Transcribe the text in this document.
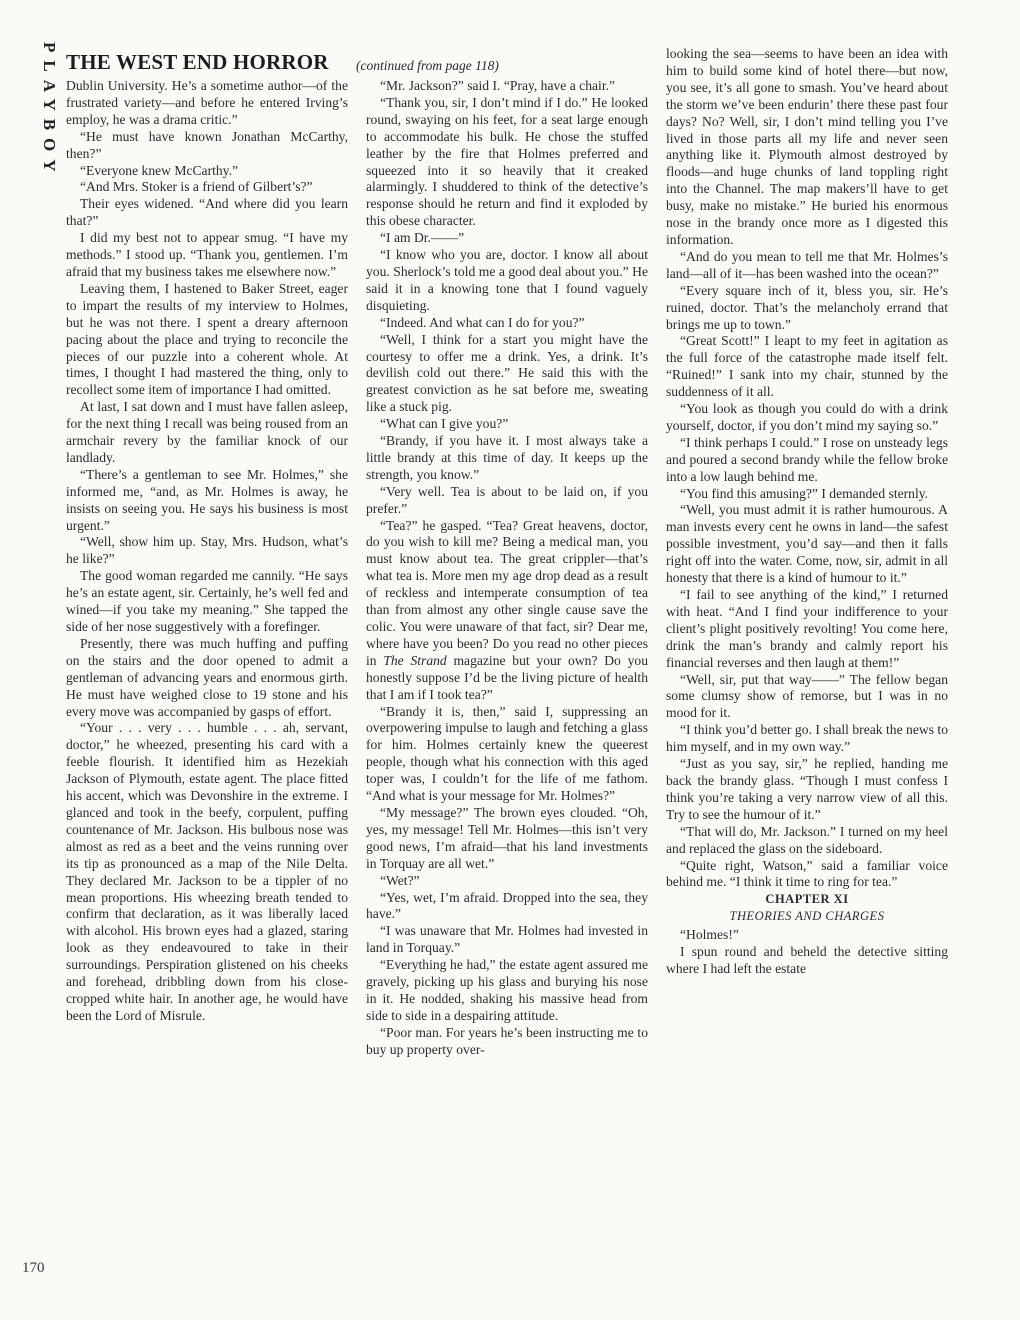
PLAYBOY THE WEST END HORROR (continued from page 118)

Dublin University. He’s a sometime author—of the frustrated variety—and before he entered Irving’s employ, he was a drama critic.”

“He must have known Jonathan McCarthy, then?”

“Everyone knew McCarthy.”

“And Mrs. Stoker is a friend of Gilbert’s?”

Their eyes widened. “And where did you learn that?”

I did my best not to appear smug. “I have my methods.” I stood up. “Thank you, gentlemen. I’m afraid that my business takes me elsewhere now.”

Leaving them, I hastened to Baker Street, eager to impart the results of my interview to Holmes, but he was not there. I spent a dreary afternoon pacing about the place and trying to reconcile the pieces of our puzzle into a coherent whole. At times, I thought I had mastered the thing, only to recollect some item of importance I had omitted.

At last, I sat down and I must have fallen asleep, for the next thing I recall was being roused from an armchair revery by the familiar knock of our landlady.

“There’s a gentleman to see Mr. Holmes,” she informed me, “and, as Mr. Holmes is away, he insists on seeing you. He says his business is most urgent.”

“Well, show him up. Stay, Mrs. Hudson, what’s he like?”

The good woman regarded me cannily. “He says he’s an estate agent, sir. Certainly, he’s well fed and wined—if you take my meaning.” She tapped the side of her nose suggestively with a forefinger.

Presently, there was much huffing and puffing on the stairs and the door opened to admit a gentleman of advancing years and enormous girth. He must have weighed close to 19 stone and his every move was accompanied by gasps of effort.

“Your . . . very . . . humble . . . ah, servant, doctor,” he wheezed, presenting his card with a feeble flourish. It identified him as Hezekiah Jackson of Plymouth, estate agent. The place fitted his accent, which was Devonshire in the extreme. I glanced and took in the beefy, corpulent, puffing countenance of Mr. Jackson. His bulbous nose was almost as red as a beet and the veins running over its tip as pronounced as a map of the Nile Delta. They declared Mr. Jackson to be a tippler of no mean proportions. His wheezing breath tended to confirm that declaration, as it was liberally laced with alcohol. His brown eyes had a glazed, staring look as they endeavoured to take in their surroundings. Perspiration glistened on his cheeks and forehead, dribbling down from his close-cropped white hair. In another age, he would have been the Lord of Misrule.

“Mr. Jackson?” said I. “Pray, have a chair.”

“Thank you, sir, I don’t mind if I do.” He looked round, swaying on his feet, for a seat large enough to accommodate his bulk. He chose the stuffed leather by the fire that Holmes preferred and squeezed into it so heavily that it creaked alarmingly. I shuddered to think of the detective’s response should he return and find it exploded by this obese character.

“I am Dr.——”

“I know who you are, doctor. I know all about you. Sherlock’s told me a good deal about you.” He said it in a knowing tone that I found vaguely disquieting.

“Indeed. And what can I do for you?”

“Well, I think for a start you might have the courtesy to offer me a drink. Yes, a drink. It’s devilish cold out there.” He said this with the greatest conviction as he sat before me, sweating like a stuck pig.

“What can I give you?”

“Brandy, if you have it. I most always take a little brandy at this time of day. It keeps up the strength, you know.”

“Very well. Tea is about to be laid on, if you prefer.”

“Tea?” he gasped. “Tea? Great heavens, doctor, do you wish to kill me? Being a medical man, you must know about tea. The great crippler—that’s what tea is. More men my age drop dead as a result of reckless and intemperate consumption of tea than from almost any other single cause save the colic. You were unaware of that fact, sir? Dear me, where have you been? Do you read no other pieces in The Strand magazine but your own? Do you honestly suppose I’d be the living picture of health that I am if I took tea?”

“Brandy it is, then,” said I, suppressing an overpowering impulse to laugh and fetching a glass for him. Holmes certainly knew the queerest people, though what his connection with this aged toper was, I couldn’t for the life of me fathom. “And what is your message for Mr. Holmes?”

“My message?” The brown eyes clouded. “Oh, yes, my message! Tell Mr. Holmes—this isn’t very good news, I’m afraid—that his land investments in Torquay are all wet.”

“Wet?”

“Yes, wet, I’m afraid. Dropped into the sea, they have.”

“I was unaware that Mr. Holmes had invested in land in Torquay.”

“Everything he had,” the estate agent assured me gravely, picking up his glass and burying his nose in it. He nodded, shaking his massive head from side to side in a despairing attitude.

“Poor man. For years he’s been instructing me to buy up property over-

looking the sea—seems to have been an idea with him to build some kind of hotel there—but now, you see, it’s all gone to smash. You’ve heard about the storm we’ve been endurin’ there these past four days? No? Well, sir, I don’t mind telling you I’ve lived in those parts all my life and never seen anything like it. Plymouth almost destroyed by floods—and huge chunks of land toppling right into the Channel. The map makers’ll have to get busy, make no mistake.” He buried his enormous nose in the brandy once more as I digested this information.

“And do you mean to tell me that Mr. Holmes’s land—all of it—has been washed into the ocean?”

“Every square inch of it, bless you, sir. He’s ruined, doctor. That’s the melancholy errand that brings me up to town.”

“Great Scott!” I leapt to my feet in agitation as the full force of the catastrophe made itself felt. “Ruined!” I sank into my chair, stunned by the suddenness of it all.

“You look as though you could do with a drink yourself, doctor, if you don’t mind my saying so.”

“I think perhaps I could.” I rose on unsteady legs and poured a second brandy while the fellow broke into a low laugh behind me.

“You find this amusing?” I demanded sternly.

“Well, you must admit it is rather humourous. A man invests every cent he owns in land—the safest possible investment, you’d say—and then it falls right off into the water. Come, now, sir, admit in all honesty that there is a kind of humour to it.”

“I fail to see anything of the kind,” I returned with heat. “And I find your indifference to your client’s plight positively revolting! You come here, drink the man’s brandy and calmly report his financial reverses and then laugh at them!”

“Well, sir, put that way——” The fellow began some clumsy show of remorse, but I was in no mood for it.

“I think you’d better go. I shall break the news to him myself, and in my own way.”

“Just as you say, sir,” he replied, handing me back the brandy glass. “Though I must confess I think you’re taking a very narrow view of all this. Try to see the humour of it.”

“That will do, Mr. Jackson.” I turned on my heel and replaced the glass on the sideboard.

“Quite right, Watson,” said a familiar voice behind me. “I think it time to ring for tea.”

CHAPTER XI

THEORIES AND CHARGES

“Holmes!”

I spun round and beheld the detective sitting where I had left the estate

170
